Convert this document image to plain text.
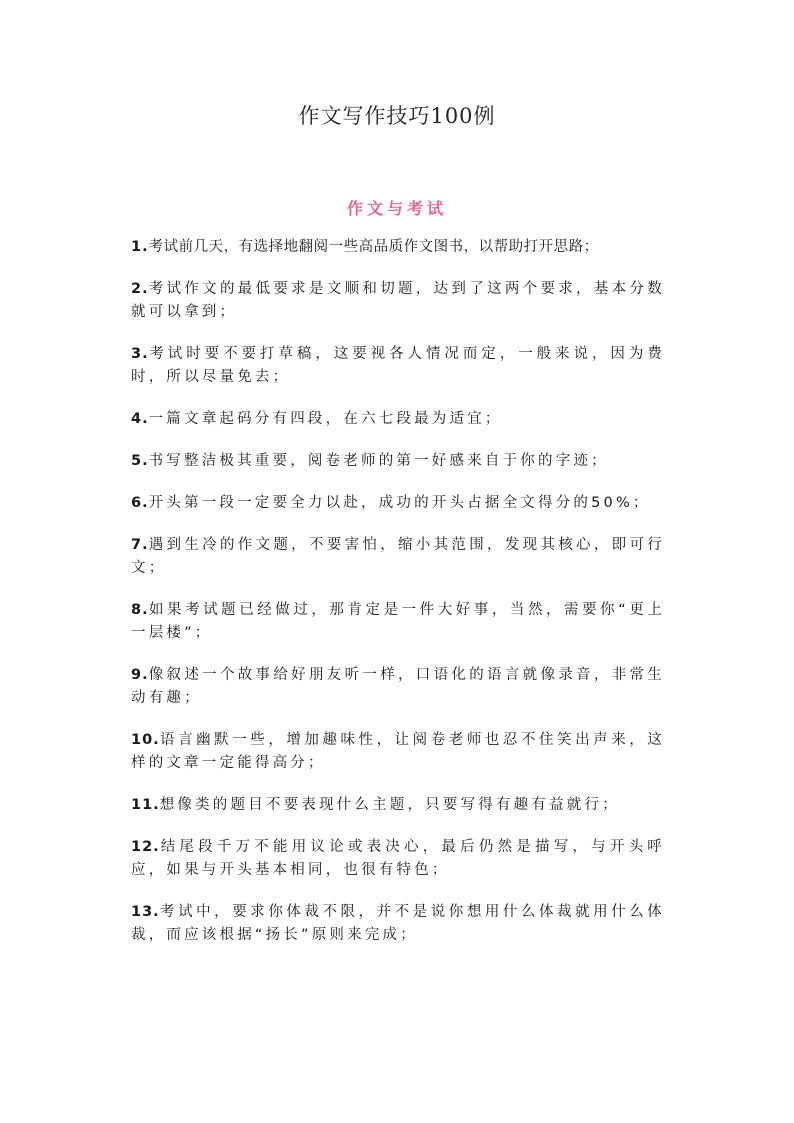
作文写作技巧100例
作文与考试
1.考试前几天，有选择地翻阅一些高品质作文图书，以帮助打开思路；
2.考试作文的最低要求是文顺和切题，达到了这两个要求，基本分数就可以拿到；
3.考试时要不要打草稿，这要视各人情况而定，一般来说，因为费时，所以尽量免去；
4.一篇文章起码分有四段，在六七段最为适宜；
5.书写整洁极其重要，阅卷老师的第一好感来自于你的字迹；
6.开头第一段一定要全力以赴，成功的开头占据全文得分的50%；
7.遇到生冷的作文题，不要害怕，缩小其范围，发现其核心，即可行文；
8.如果考试题已经做过，那肯定是一件大好事，当然，需要你“更上一层楼”；
9.像叙述一个故事给好朋友听一样，口语化的语言就像录音，非常生动有趣；
10.语言幽默一些，增加趣味性，让阅卷老师也忍不住笑出声来，这样的文章一定能得高分；
11.想像类的题目不要表现什么主题，只要写得有趣有益就行；
12.结尾段千万不能用议论或表决心，最后仍然是描写，与开头呼应，如果与开头基本相同，也很有特色；
13.考试中，要求你体裁不限，并不是说你想用什么体裁就用什么体裁，而应该根据“扬长”原则来完成；
